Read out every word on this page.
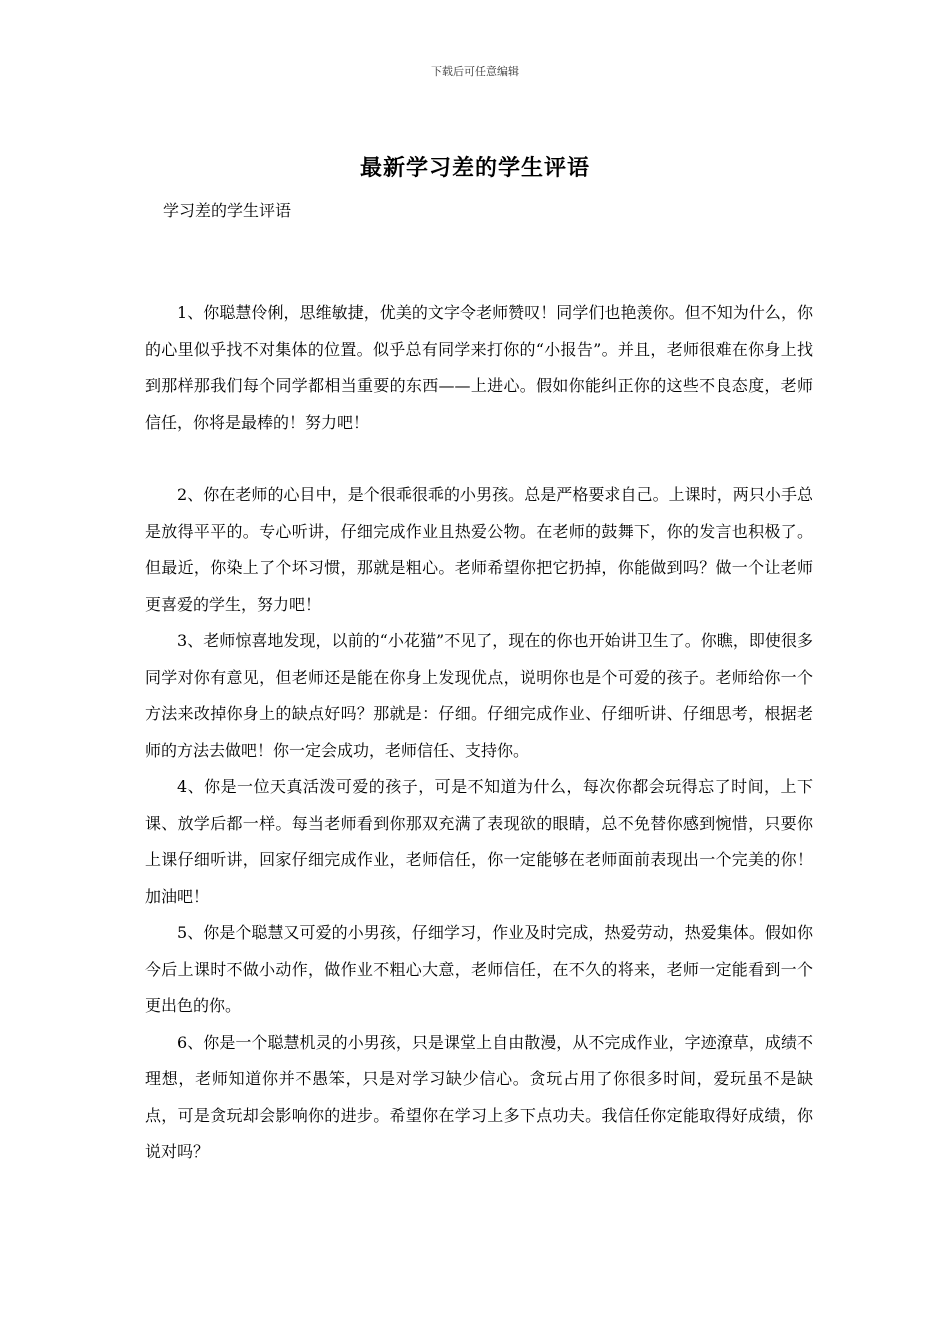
下载后可任意编辑
最新学习差的学生评语
学习差的学生评语

1、你聪慧伶俐，思维敏捷，优美的文字令老师赞叹！同学们也艳羡你。但不知为什么，你的心里似乎找不对集体的位置。似乎总有同学来打你的“小报告”。并且，老师很难在你身上找到那样那我们每个同学都相当重要的东西——上进心。假如你能纠正你的这些不良态度，老师信任，你将是最棒的！努力吧！

2、你在老师的心目中，是个很乖很乖的小男孩。总是严格要求自己。上课时，两只小手总是放得平平的。专心听讲，仔细完成作业且热爱公物。在老师的鼓舞下，你的发言也积极了。但最近，你染上了个坏习惯，那就是粗心。老师希望你把它扔掉，你能做到吗？做一个让老师更喜爱的学生，努力吧！

3、老师惊喜地发现，以前的“小花猫”不见了，现在的你也开始讲卫生了。你瞧，即使很多同学对你有意见，但老师还是能在你身上发现优点，说明你也是个可爱的孩子。老师给你一个方法来改掉你身上的缺点好吗？那就是：仔细。仔细完成作业、仔细听讲、仔细思考，根据老师的方法去做吧！你一定会成功，老师信任、支持你。

4、你是一位天真活泼可爱的孩子，可是不知道为什么，每次你都会玩得忘了时间，上下课、放学后都一样。每当老师看到你那双充满了表现欲的眼睛，总不免替你感到惋惜，只要你上课仔细听讲，回家仔细完成作业，老师信任，你一定能够在老师面前表现出一个完美的你！加油吧！

5、你是个聪慧又可爱的小男孩，仔细学习，作业及时完成，热爱劳动，热爱集体。假如你今后上课时不做小动作，做作业不粗心大意，老师信任，在不久的将来，老师一定能看到一个更出色的你。

6、你是一个聪慧机灵的小男孩，只是课堂上自由散漫，从不完成作业，字迹潦草，成绩不理想，老师知道你并不愚笨，只是对学习缺少信心。贪玩占用了你很多时间，爱玩虽不是缺点，可是贪玩却会影响你的进步。希望你在学习上多下点功夫。我信任你定能取得好成绩，你说对吗？
